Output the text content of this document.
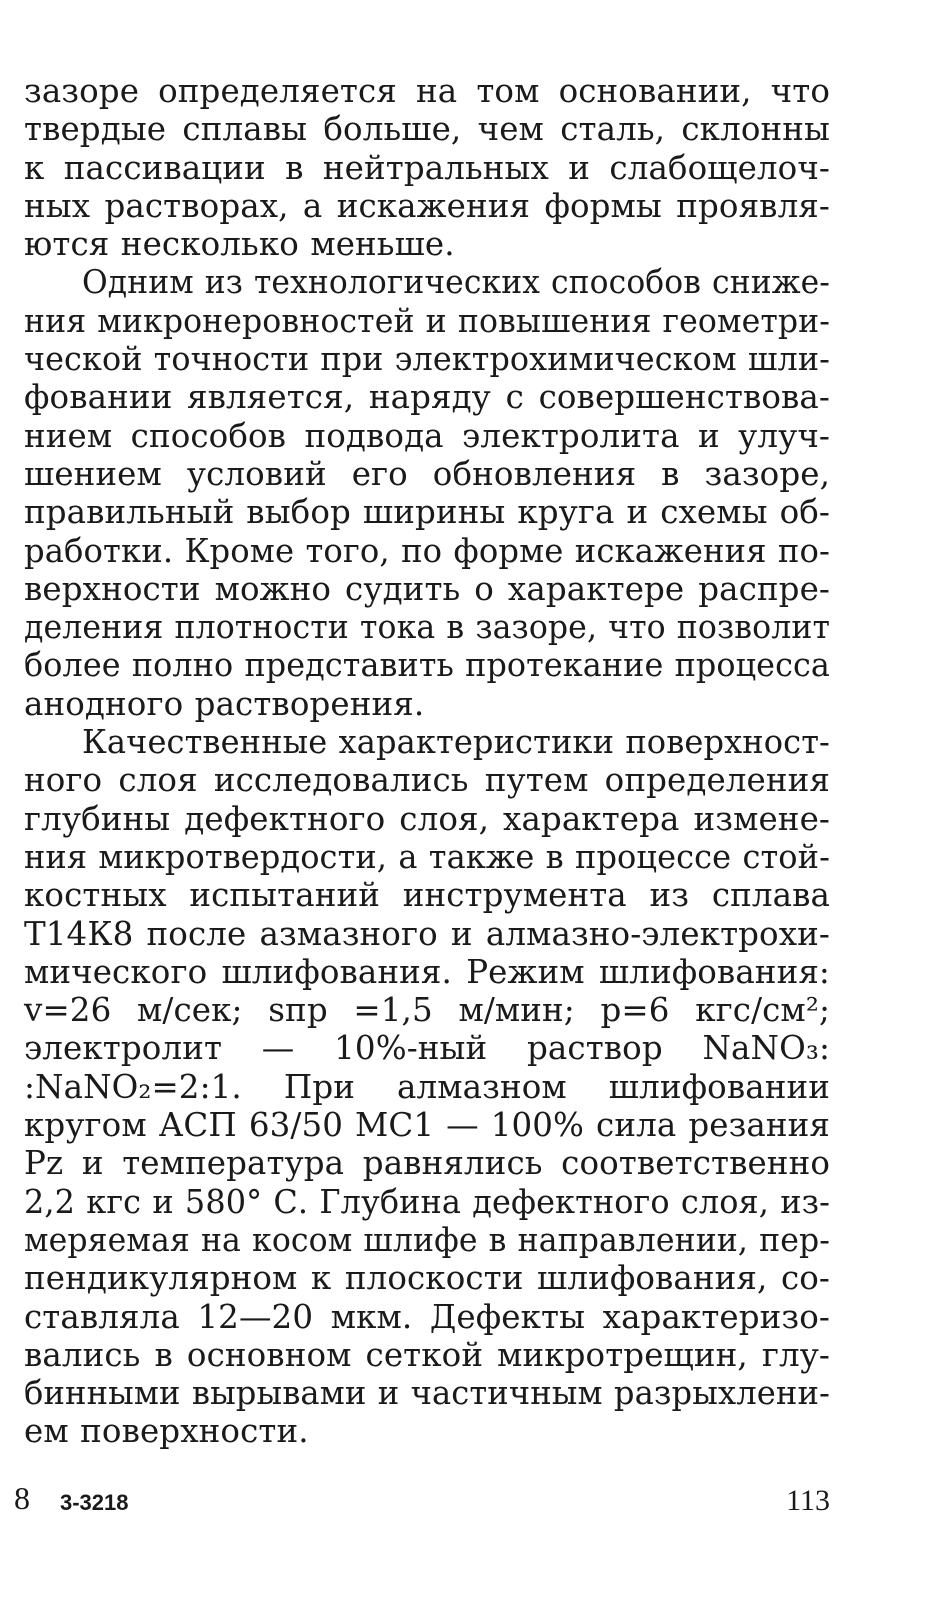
зазоре определяется на том основании, что
твердые сплавы больше, чем сталь, склонны
к пассивации в нейтральных и слабощелоч-
ных растворах, а искажения формы проявля-
ются несколько меньше.
Одним из технологических способов сниже-
ния микронеровностей и повышения геометри-
ческой точности при электрохимическом шли-
фовании является, наряду с совершенствова-
нием способов подвода электролита и улуч-
шением условий его обновления в зазоре,
правильный выбор ширины круга и схемы об-
работки. Кроме того, по форме искажения по-
верхности можно судить о характере распре-
деления плотности тока в зазоре, что позволит
более полно представить протекание процесса
анодного растворения.
Качественные характеристики поверхност-
ного слоя исследовались путем определения
глубины дефектного слоя, характера измене-
ния микротвердости, а также в процессе стой-
костных испытаний инструмента из сплава
Т14К8 после азмазного и алмазно-электрохи-
мического шлифования. Режим шлифования:
v=26 м/сек; sпр =1,5 м/мин; p=6 кгс/см²;
электролит — 10%-ный раствор NaNO₃:
:NaNO₂=2:1. При алмазном шлифовании
кругом АСП 63/50 МС1 — 100% сила резания
Pz и температура равнялись соответственно
2,2 кгс и 580° С. Глубина дефектного слоя, из-
меряемая на косом шлифе в направлении, пер-
пендикулярном к плоскости шлифования, со-
ставляла 12—20 мкм. Дефекты характеризо-
вались в основном сеткой микротрещин, глу-
бинными вырывами и частичным разрыхлени-
ем поверхности.
8 3-3218	113
